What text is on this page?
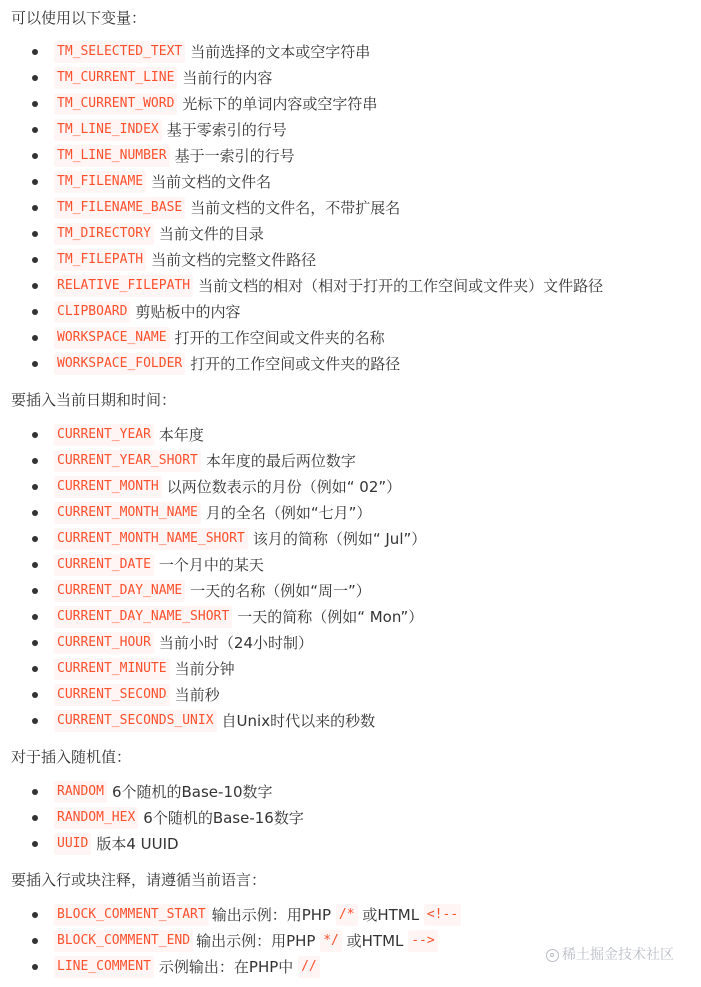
可以使用以下变量：
TM_SELECTED_TEXT 当前选择的文本或空字符串
TM_CURRENT_LINE 当前行的内容
TM_CURRENT_WORD 光标下的单词内容或空字符串
TM_LINE_INDEX 基于零索引的行号
TM_LINE_NUMBER 基于一索引的行号
TM_FILENAME 当前文档的文件名
TM_FILENAME_BASE 当前文档的文件名，不带扩展名
TM_DIRECTORY 当前文件的目录
TM_FILEPATH 当前文档的完整文件路径
RELATIVE_FILEPATH 当前文档的相对（相对于打开的工作空间或文件夹）文件路径
CLIPBOARD 剪贴板中的内容
WORKSPACE_NAME 打开的工作空间或文件夹的名称
WORKSPACE_FOLDER 打开的工作空间或文件夹的路径
要插入当前日期和时间：
CURRENT_YEAR 本年度
CURRENT_YEAR_SHORT 本年度的最后两位数字
CURRENT_MONTH 以两位数表示的月份（例如“ 02”）
CURRENT_MONTH_NAME 月的全名（例如“七月”）
CURRENT_MONTH_NAME_SHORT 该月的简称（例如“ Jul”）
CURRENT_DATE 一个月中的某天
CURRENT_DAY_NAME 一天的名称（例如“周一”）
CURRENT_DAY_NAME_SHORT 一天的简称（例如“ Mon”）
CURRENT_HOUR 当前小时（24小时制）
CURRENT_MINUTE 当前分钟
CURRENT_SECOND 当前秒
CURRENT_SECONDS_UNIX 自Unix时代以来的秒数
对于插入随机值：
RANDOM 6个随机的Base-10数字
RANDOM_HEX 6个随机的Base-16数字
UUID 版本4 UUID
要插入行或块注释，请遵循当前语言：
BLOCK_COMMENT_START 输出示例：用PHP
/*
或HTML
<!--
BLOCK_COMMENT_END 输出示例：用PHP
*/
或HTML
-->
LINE_COMMENT 示例输出：在PHP中
//
稀土掘金技术社区
